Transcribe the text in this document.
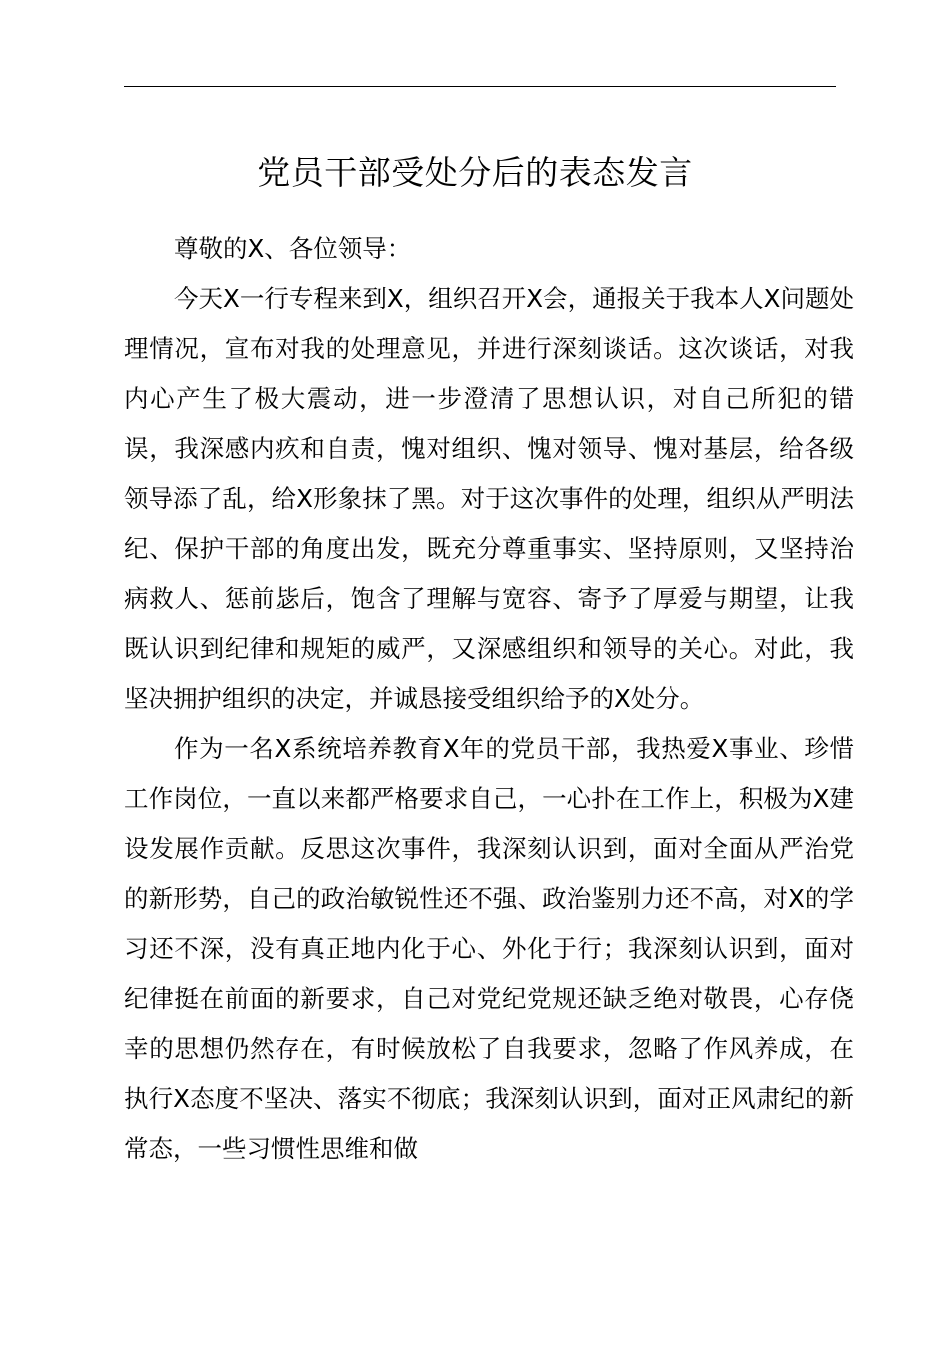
党员干部受处分后的表态发言

尊敬的X、各位领导：

今天X一行专程来到X，组织召开X会，通报关于我本人X问题处理情况，宣布对我的处理意见，并进行深刻谈话。这次谈话，对我内心产生了极大震动，进一步澄清了思想认识，对自己所犯的错误，我深感内疚和自责，愧对组织、愧对领导、愧对基层，给各级领导添了乱，给X形象抹了黑。对于这次事件的处理，组织从严明法纪、保护干部的角度出发，既充分尊重事实、坚持原则，又坚持治病救人、惩前毖后，饱含了理解与宽容、寄予了厚爱与期望，让我既认识到纪律和规矩的威严，又深感组织和领导的关心。对此，我坚决拥护组织的决定，并诚恳接受组织给予的X处分。

作为一名X系统培养教育X年的党员干部，我热爱X事业、珍惜工作岗位，一直以来都严格要求自己，一心扑在工作上，积极为X建设发展作贡献。反思这次事件，我深刻认识到，面对全面从严治党的新形势，自己的政治敏锐性还不强、政治鉴别力还不高，对X的学习还不深，没有真正地内化于心、外化于行；我深刻认识到，面对纪律挺在前面的新要求，自己对党纪党规还缺乏绝对敬畏，心存侥幸的思想仍然存在，有时候放松了自我要求，忽略了作风养成，在执行X态度不坚决、落实不彻底；我深刻认识到，面对正风肃纪的新常态，一些习惯性思维和做
